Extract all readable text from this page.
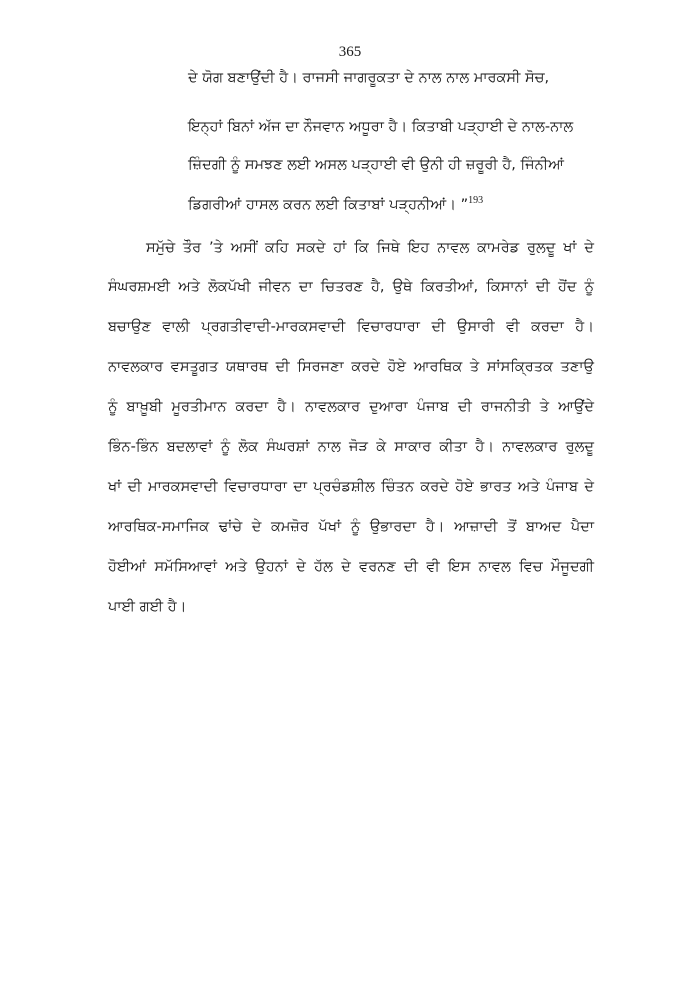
365
ਦੇ ਯੋਗ ਬਣਾਉਂਦੀ ਹੈ। ਰਾਜਸੀ ਜਾਗਰੂਕਤਾ ਦੇ ਨਾਲ ਨਾਲ ਮਾਰਕਸੀ ਸੋਚ,
ਇਨ੍ਹਾਂ ਬਿਨਾਂ ਅੱਜ ਦਾ ਨੌਜਵਾਨ ਅਧੂਰਾ ਹੈ। ਕਿਤਾਬੀ ਪੜ੍ਹਾਈ ਦੇ ਨਾਲ-ਨਾਲ
ਜ਼ਿੰਦਗੀ ਨੂੰ ਸਮਝਣ ਲਈ ਅਸਲ ਪੜ੍ਹਾਈ ਵੀ ਉਨੀ ਹੀ ਜ਼ਰੂਰੀ ਹੈ, ਜਿੰਨੀਆਂ
ਡਿਗਰੀਆਂ ਹਾਸਲ ਕਰਨ ਲਈ ਕਿਤਾਬਾਂ ਪੜ੍ਹਨੀਆਂ। ”$^{193}$
ਸਮੁੱਚੇ ਤੌਰ ’ਤੇ ਅਸੀਂ ਕਹਿ ਸਕਦੇ ਹਾਂ ਕਿ ਜਿਥੇ ਇਹ ਨਾਵਲ ਕਾਮਰੇਡ ਰੁਲਦੂ ਖਾਂ ਦੇ
ਸੰਘਰਸ਼ਮਈ ਅਤੇ ਲੋਕਪੱਖੀ ਜੀਵਨ ਦਾ ਚਿਤਰਣ ਹੈ, ਉਥੇ ਕਿਰਤੀਆਂ, ਕਿਸਾਨਾਂ ਦੀ ਹੋਂਦ ਨੂੰ
ਬਚਾਉਣ ਵਾਲੀ ਪ੍ਰਗਤੀਵਾਦੀ-ਮਾਰਕਸਵਾਦੀ ਵਿਚਾਰਧਾਰਾ ਦੀ ਉਸਾਰੀ ਵੀ ਕਰਦਾ ਹੈ।
ਨਾਵਲਕਾਰ ਵਸਤੂਗਤ ਯਥਾਰਥ ਦੀ ਸਿਰਜਣਾ ਕਰਦੇ ਹੋਏ ਆਰਥਿਕ ਤੇ ਸਾਂਸਕ੍ਰਿਤਕ ਤਣਾਉ
ਨੂੰ ਬਾਖ਼ੂਬੀ ਮੂਰਤੀਮਾਨ ਕਰਦਾ ਹੈ। ਨਾਵਲਕਾਰ ਦੁਆਰਾ ਪੰਜਾਬ ਦੀ ਰਾਜਨੀਤੀ ਤੇ ਆਉਂਦੇ
ਭਿੰਨ-ਭਿੰਨ ਬਦਲਾਵਾਂ ਨੂੰ ਲੋਕ ਸੰਘਰਸ਼ਾਂ ਨਾਲ ਜੋੜ ਕੇ ਸਾਕਾਰ ਕੀਤਾ ਹੈ। ਨਾਵਲਕਾਰ ਰੁਲਦੂ
ਖਾਂ ਦੀ ਮਾਰਕਸਵਾਦੀ ਵਿਚਾਰਧਾਰਾ ਦਾ ਪ੍ਰਚੰਡਸ਼ੀਲ ਚਿੰਤਨ ਕਰਦੇ ਹੋਏ ਭਾਰਤ ਅਤੇ ਪੰਜਾਬ ਦੇ
ਆਰਥਿਕ-ਸਮਾਜਿਕ ਢਾਂਚੇ ਦੇ ਕਮਜ਼ੋਰ ਪੱਖਾਂ ਨੂੰ ਉਭਾਰਦਾ ਹੈ। ਆਜ਼ਾਦੀ ਤੋਂ ਬਾਅਦ ਪੈਦਾ
ਹੋਈਆਂ ਸਮੱਸਿਆਵਾਂ ਅਤੇ ਉਹਨਾਂ ਦੇ ਹੱਲ ਦੇ ਵਰਨਣ ਦੀ ਵੀ ਇਸ ਨਾਵਲ ਵਿਚ ਮੌਜੂਦਗੀ
ਪਾਈ ਗਈ ਹੈ।
